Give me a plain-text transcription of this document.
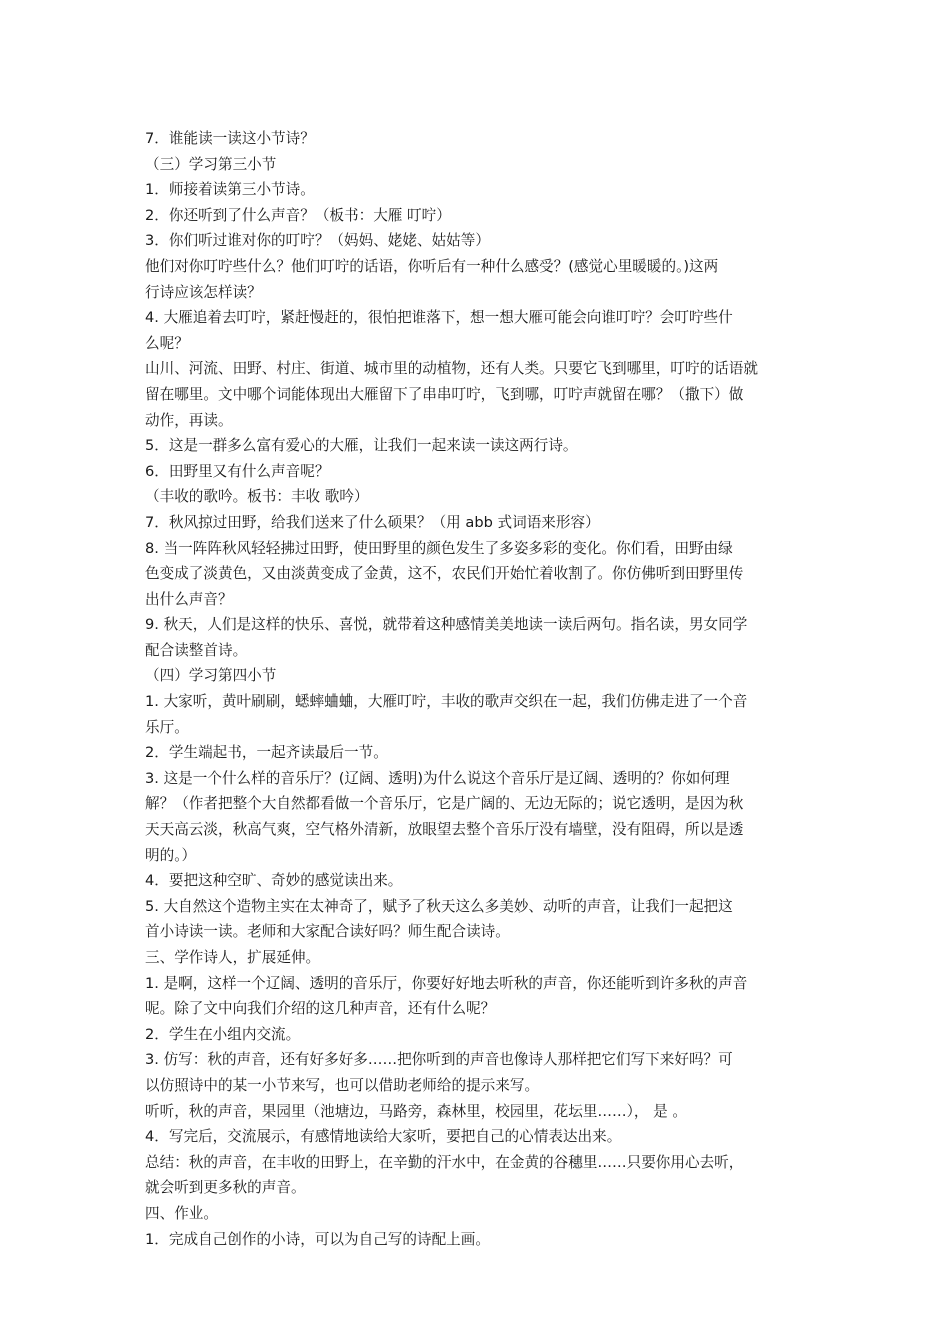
7．谁能读一读这小节诗？
（三）学习第三小节
1．师接着读第三小节诗。
2．你还听到了什么声音？（板书：大雁 叮咛）
3．你们听过谁对你的叮咛？（妈妈、姥姥、姑姑等）
他们对你叮咛些什么？他们叮咛的话语，你听后有一种什么感受？(感觉心里暖暖的。)这两
行诗应该怎样读？
4. 大雁追着去叮咛，紧赶慢赶的，很怕把谁落下，想一想大雁可能会向谁叮咛？会叮咛些什
么呢？
山川、河流、田野、村庄、街道、城市里的动植物，还有人类。只要它飞到哪里，叮咛的话语就
留在哪里。文中哪个词能体现出大雁留下了串串叮咛，飞到哪，叮咛声就留在哪？（撒下）做
动作，再读。
5．这是一群多么富有爱心的大雁，让我们一起来读一读这两行诗。
6．田野里又有什么声音呢？
（丰收的歌吟。板书：丰收 歌吟）
7．秋风掠过田野，给我们送来了什么硕果？（用 abb 式词语来形容）
8. 当一阵阵秋风轻轻拂过田野，使田野里的颜色发生了多姿多彩的变化。你们看，田野由绿
色变成了淡黄色，又由淡黄变成了金黄，这不，农民们开始忙着收割了。你仿佛听到田野里传
出什么声音？
9. 秋天，人们是这样的快乐、喜悦，就带着这种感情美美地读一读后两句。指名读，男女同学
配合读整首诗。
（四）学习第四小节
1. 大家听，黄叶刷刷，蟋蟀蛐蛐，大雁叮咛，丰收的歌声交织在一起，我们仿佛走进了一个音
乐厅。
2．学生端起书，一起齐读最后一节。
3. 这是一个什么样的音乐厅？(辽阔、透明)为什么说这个音乐厅是辽阔、透明的？你如何理
解？（作者把整个大自然都看做一个音乐厅，它是广阔的、无边无际的；说它透明，是因为秋
天天高云淡，秋高气爽，空气格外清新，放眼望去整个音乐厅没有墙壁，没有阻碍，所以是透
明的。）
4．要把这种空旷、奇妙的感觉读出来。
5. 大自然这个造物主实在太神奇了，赋予了秋天这么多美妙、动听的声音，让我们一起把这
首小诗读一读。老师和大家配合读好吗？师生配合读诗。
三、学作诗人，扩展延伸。
1. 是啊，这样一个辽阔、透明的音乐厅，你要好好地去听秋的声音，你还能听到许多秋的声音
呢。除了文中向我们介绍的这几种声音，还有什么呢？
2．学生在小组内交流。
3. 仿写：秋的声音，还有好多好多……把你听到的声音也像诗人那样把它们写下来好吗？可
以仿照诗中的某一小节来写，也可以借助老师给的提示来写。
听听，秋的声音，果园里（池塘边，马路旁，森林里，校园里，花坛里……）， 是 。
4．写完后，交流展示，有感情地读给大家听，要把自己的心情表达出来。
总结：秋的声音，在丰收的田野上，在辛勤的汗水中，在金黄的谷穗里……只要你用心去听，
就会听到更多秋的声音。
四、作业。
1．完成自己创作的小诗，可以为自己写的诗配上画。
